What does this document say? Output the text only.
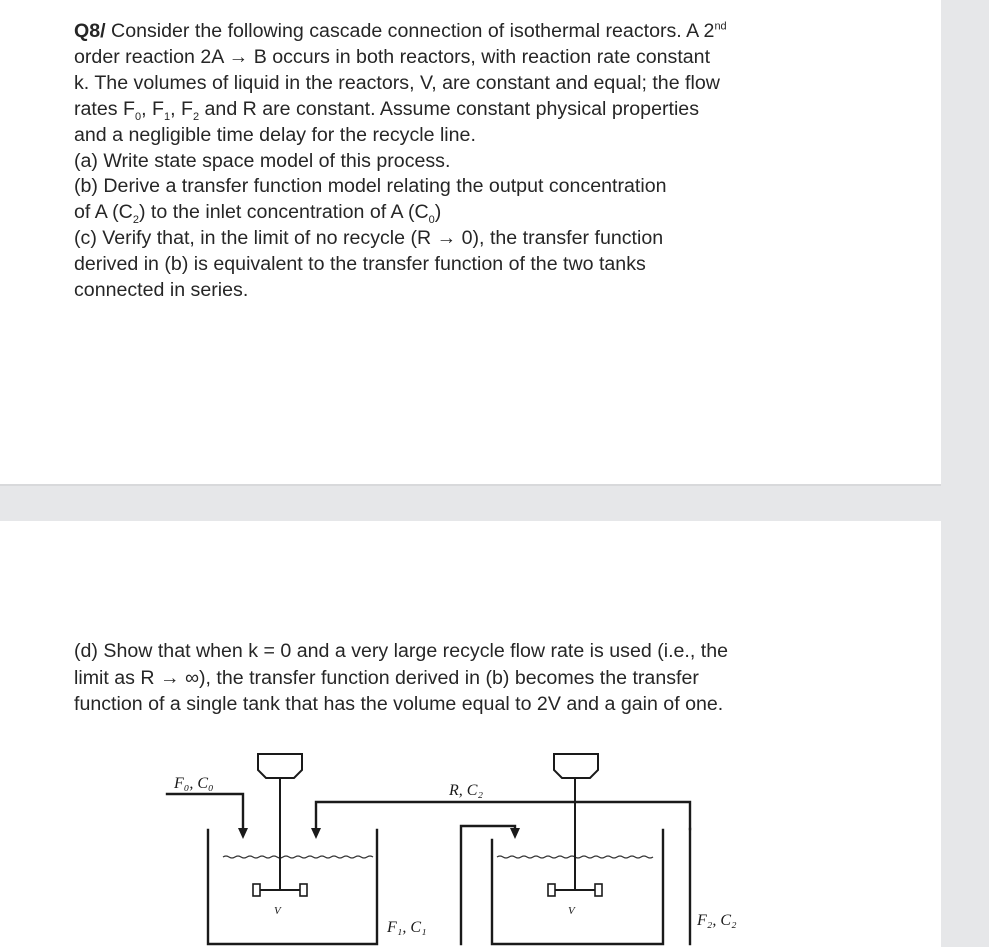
Q8/ Consider the following cascade connection of isothermal reactors. A 2nd
order reaction 2A → B occurs in both reactors, with reaction rate constant
k. The volumes of liquid in the reactors, V, are constant and equal; the flow
rates $F_0$, $F_1$, $F_2$ and R are constant. Assume constant physical properties
and a negligible time delay for the recycle line.
(a) Write state space model of this process.
(b) Derive a transfer function model relating the output concentration
of A $(C_2)$ to the inlet concentration of A $(C_0)$
(c) Verify that, in the limit of no recycle (R → 0), the transfer function
derived in (b) is equivalent to the transfer function of the two tanks
connected in series.
(d) Show that when k = 0 and a very large recycle flow rate is used (i.e., the
limit as R → ∞), the transfer function derived in (b) becomes the transfer
function of a single tank that has the volume equal to 2V and a gain of one.
F₀, C₀	R, C₂
V	V
F₁, C₁	F₂, C₂
